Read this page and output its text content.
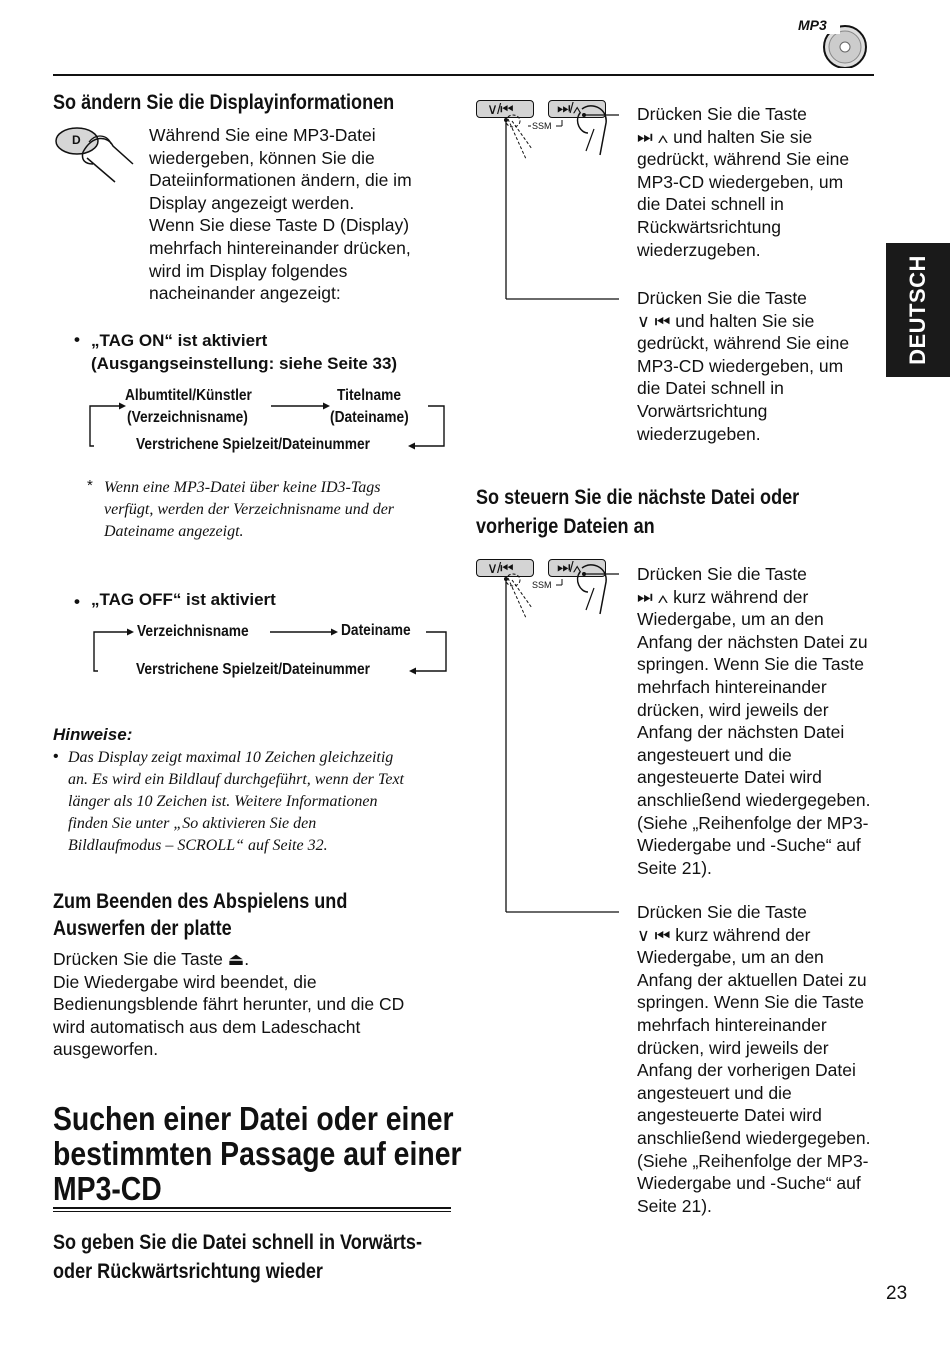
MP3
DEUTSCH
So ändern Sie die Displayinformationen
D	Während Sie eine MP3-Datei
wiedergeben, können Sie die
Dateiinformationen ändern, die im
Display angezeigt werden.
Wenn Sie diese Taste D (Display)
mehrfach hintereinander drücken,
wird im Display folgendes
nacheinander angezeigt:
• „TAG ON“ ist aktiviert
(Ausgangseinstellung: siehe Seite 33)
Albumtitel/Künstler
(Verzeichnisname)
Titelname
(Dateiname)
Verstrichene Spielzeit/Dateinummer
* Wenn eine MP3-Datei über keine ID3-Tags
verfügt, werden der Verzeichnisname und der
Dateiname angezeigt.
• „TAG OFF“ ist aktiviert
Verzeichnisname	Dateiname
Verstrichene Spielzeit/Dateinummer
Hinweise:
• Das Display zeigt maximal 10 Zeichen gleichzeitig
an. Es wird ein Bildlauf durchgeführt, wenn der Text
länger als 10 Zeichen ist. Weitere Informationen
finden Sie unter „So aktivieren Sie den
Bildlaufmodus – SCROLL“ auf Seite 32.
Zum Beenden des Abspielens und
Auswerfen der platte
Drücken Sie die Taste ⏏.
Die Wiedergabe wird beendet, die
Bedienungsblende fährt herunter, und die CD
wird automatisch aus dem Ladeschacht
ausgeworfen.
Suchen einer Datei oder einer
bestimmten Passage auf einer
MP3-CD
So geben Sie die Datei schnell in Vorwärts-
oder Rückwärtsrichtung wieder
23
∨/⏮	⏭/∧
SSM
Drücken Sie die Taste
⏭ ∧ und halten Sie sie
gedrückt, während Sie eine
MP3-CD wiedergeben, um
die Datei schnell in
Rückwärtsrichtung
wiederzugeben.
Drücken Sie die Taste
∨ ⏮ und halten Sie sie
gedrückt, während Sie eine
MP3-CD wiedergeben, um
die Datei schnell in
Vorwärtsrichtung
wiederzugeben.
So steuern Sie die nächste Datei oder
vorherige Dateien an
∨/⏮	⏭/∧
SSM
Drücken Sie die Taste
⏭ ∧ kurz während der
Wiedergabe, um an den
Anfang der nächsten Datei zu
springen. Wenn Sie die Taste
mehrfach hintereinander
drücken, wird jeweils der
Anfang der nächsten Datei
angesteuert und die
angesteuerte Datei wird
anschließend wiedergegeben.
(Siehe „Reihenfolge der MP3-
Wiedergabe und -Suche“ auf
Seite 21).
Drücken Sie die Taste
∨ ⏮ kurz während der
Wiedergabe, um an den
Anfang der aktuellen Datei zu
springen. Wenn Sie die Taste
mehrfach hintereinander
drücken, wird jeweils der
Anfang der vorherigen Datei
angesteuert und die
angesteuerte Datei wird
anschließend wiedergegeben.
(Siehe „Reihenfolge der MP3-
Wiedergabe und -Suche“ auf
Seite 21).
